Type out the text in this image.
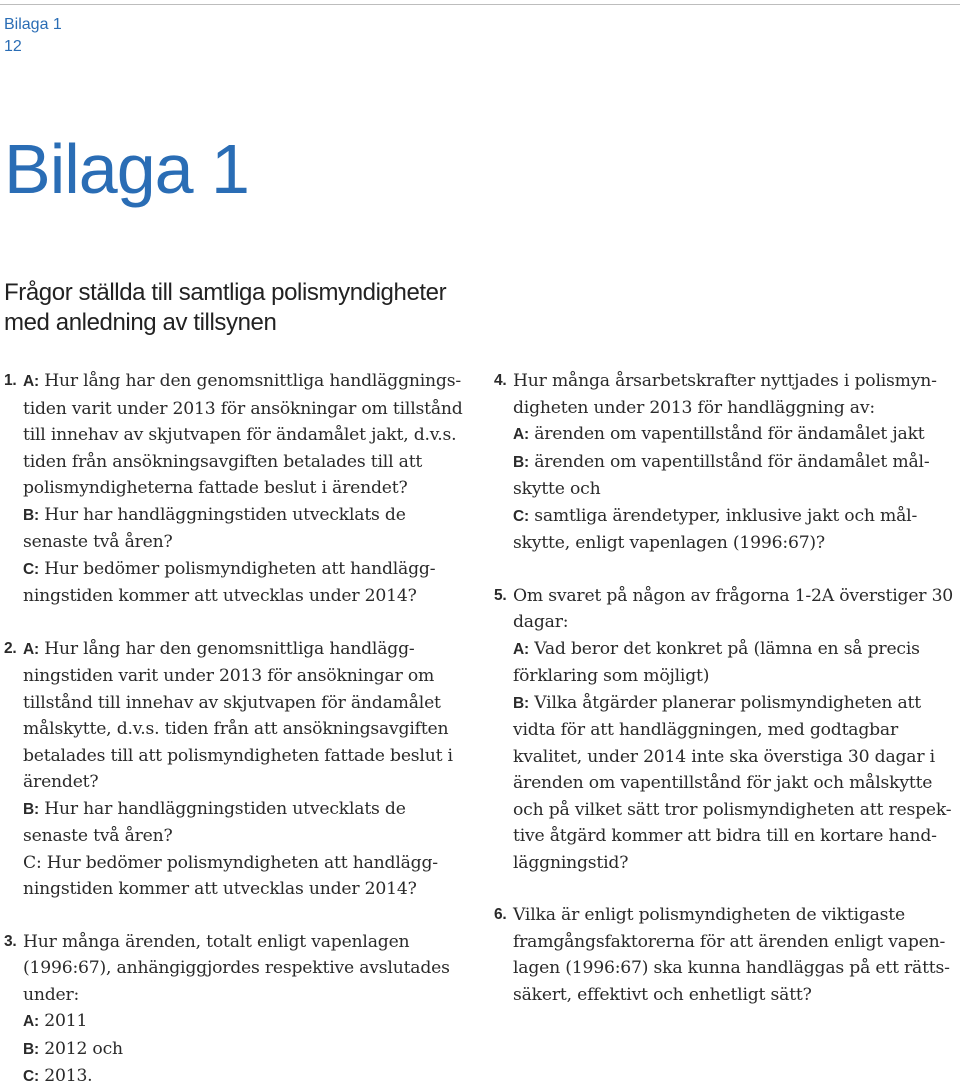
Bilaga 1
12
Bilaga 1
Frågor ställda till samtliga polismyndigheter
med anledning av tillsynen
1. A: Hur lång har den genomsnittliga handläggnings-
tiden varit under 2013 för ansökningar om tillstånd
till innehav av skjutvapen för ändamålet jakt, d.v.s.
tiden från ansökningsavgiften betalades till att
polismyndigheterna fattade beslut i ärendet?
B: Hur har handläggningstiden utvecklats de
senaste två åren?
C: Hur bedömer polismyndigheten att handlägg-
ningstiden kommer att utvecklas under 2014?
2. A: Hur lång har den genomsnittliga handlägg-
ningstiden varit under 2013 för ansökningar om
tillstånd till innehav av skjutvapen för ändamålet
målskytte, d.v.s. tiden från att ansökningsavgiften
betalades till att polismyndigheten fattade beslut i
ärendet?
B: Hur har handläggningstiden utvecklats de
senaste två åren?
C: Hur bedömer polismyndigheten att handlägg-
ningstiden kommer att utvecklas under 2014?
3. Hur många ärenden, totalt enligt vapenlagen
(1996:67), anhängiggjordes respektive avslutades
under:
A: 2011
B: 2012 och
C: 2013.
4. Hur många årsarbetskrafter nyttjades i polismyn-
digheten under 2013 för handläggning av:
A: ärenden om vapentillstånd för ändamålet jakt
B: ärenden om vapentillstånd för ändamålet mål-
skytte och
C: samtliga ärendetyper, inklusive jakt och mål-
skytte, enligt vapenlagen (1996:67)?
5. Om svaret på någon av frågorna 1-2A överstiger 30
dagar:
A: Vad beror det konkret på (lämna en så precis
förklaring som möjligt)
B: Vilka åtgärder planerar polismyndigheten att
vidta för att handläggningen, med godtagbar
kvalitet, under 2014 inte ska överstiga 30 dagar i
ärenden om vapentillstånd för jakt och målskytte
och på vilket sätt tror polismyndigheten att respek-
tive åtgärd kommer att bidra till en kortare hand-
läggningstid?
6. Vilka är enligt polismyndigheten de viktigaste
framgångsfaktorerna för att ärenden enligt vapen-
lagen (1996:67) ska kunna handläggas på ett rätts-
säkert, effektivt och enhetligt sätt?
